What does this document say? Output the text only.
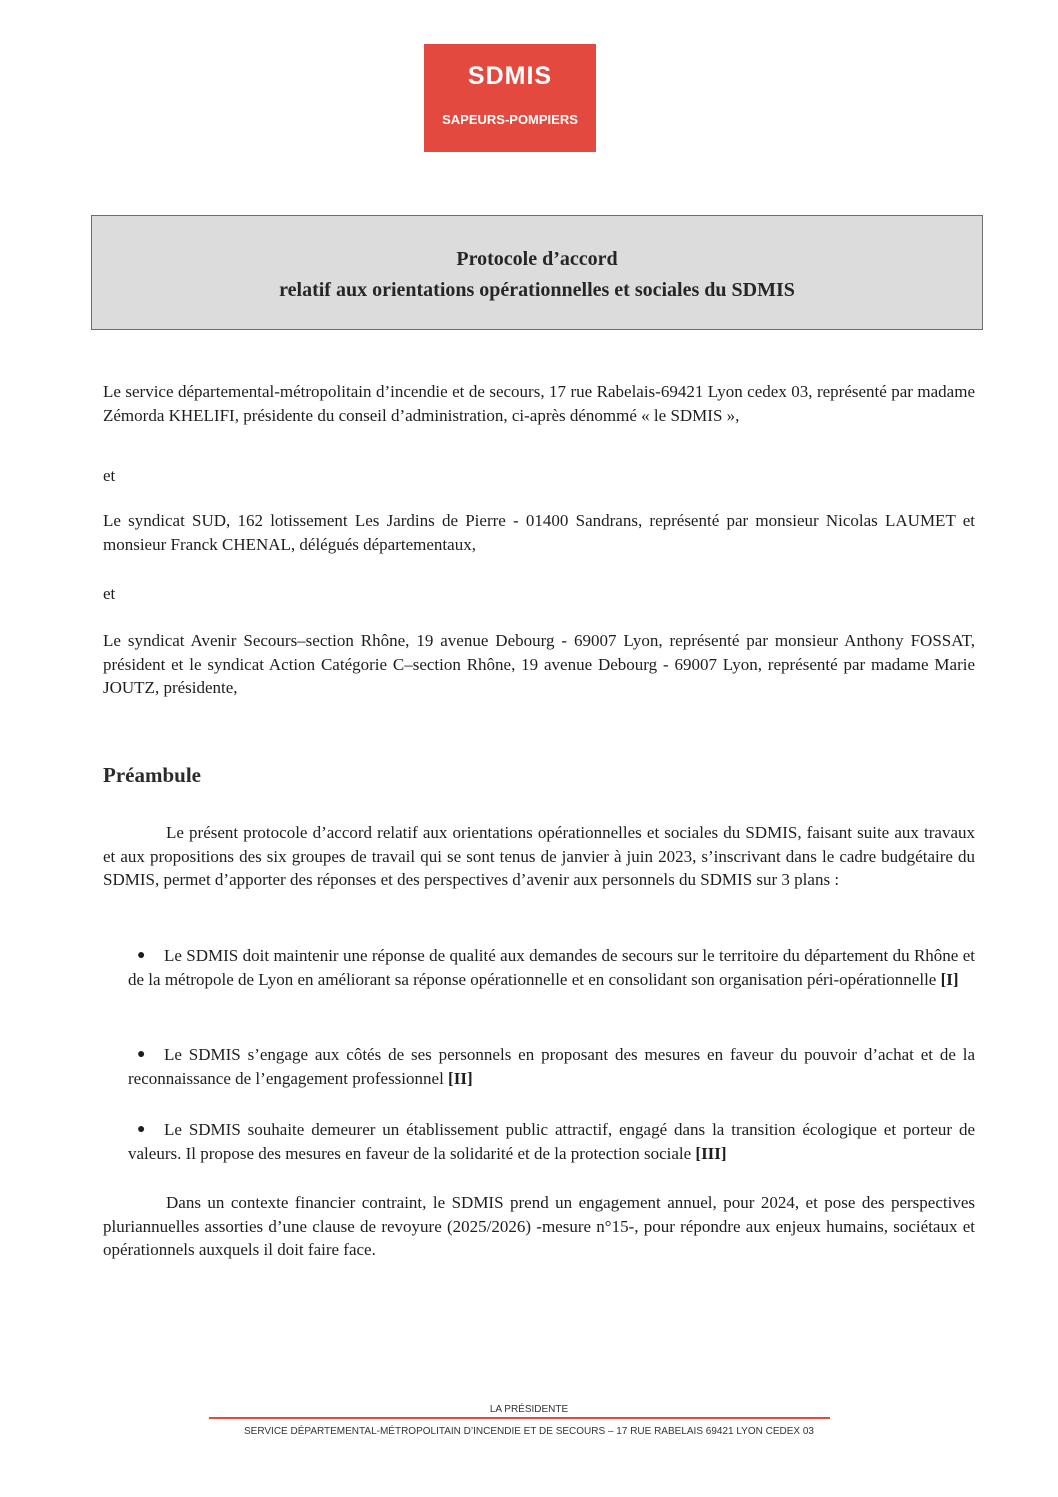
SDMIS
SAPEURS-POMPIERS
Protocole d’accord
relatif aux orientations opérationnelles et sociales du SDMIS

Le service départemental-métropolitain d’incendie et de secours, 17 rue Rabelais-69421 Lyon cedex 03, représenté par madame Zémorda KHELIFI, présidente du conseil d’administration, ci-après dénommé « le SDMIS »,

et

Le syndicat SUD, 162 lotissement Les Jardins de Pierre - 01400 Sandrans, représenté par monsieur Nicolas LAUMET et monsieur Franck CHENAL, délégués départementaux,

et

Le syndicat Avenir Secours–section Rhône, 19 avenue Debourg - 69007 Lyon, représenté par monsieur Anthony FOSSAT, président et le syndicat Action Catégorie C–section Rhône, 19 avenue Debourg - 69007 Lyon, représenté par madame Marie JOUTZ, présidente,

Préambule

Le présent protocole d’accord relatif aux orientations opérationnelles et sociales du SDMIS, faisant suite aux travaux et aux propositions des six groupes de travail qui se sont tenus de janvier à juin 2023, s’inscrivant dans le cadre budgétaire du SDMIS, permet d’apporter des réponses et des perspectives d’avenir aux personnels du SDMIS sur 3 plans :

●	Le SDMIS doit maintenir une réponse de qualité aux demandes de secours sur le territoire du département du Rhône et de la métropole de Lyon en améliorant sa réponse opérationnelle et en consolidant son organisation péri-opérationnelle [I]
●	Le SDMIS s’engage aux côtés de ses personnels en proposant des mesures en faveur du pouvoir d’achat et de la reconnaissance de l’engagement professionnel [II]
●	Le SDMIS souhaite demeurer un établissement public attractif, engagé dans la transition écologique et porteur de valeurs. Il propose des mesures en faveur de la solidarité et de la protection sociale [III]

Dans un contexte financier contraint, le SDMIS prend un engagement annuel, pour 2024, et pose des perspectives pluriannuelles assorties d’une clause de revoyure (2025/2026) -mesure n°15-, pour répondre aux enjeux humains, sociétaux et opérationnels auxquels il doit faire face.

LA PRÉSIDENTE
SERVICE DÉPARTEMENTAL-MÉTROPOLITAIN D’INCENDIE ET DE SECOURS – 17 RUE RABELAIS 69421 LYON CEDEX 03
